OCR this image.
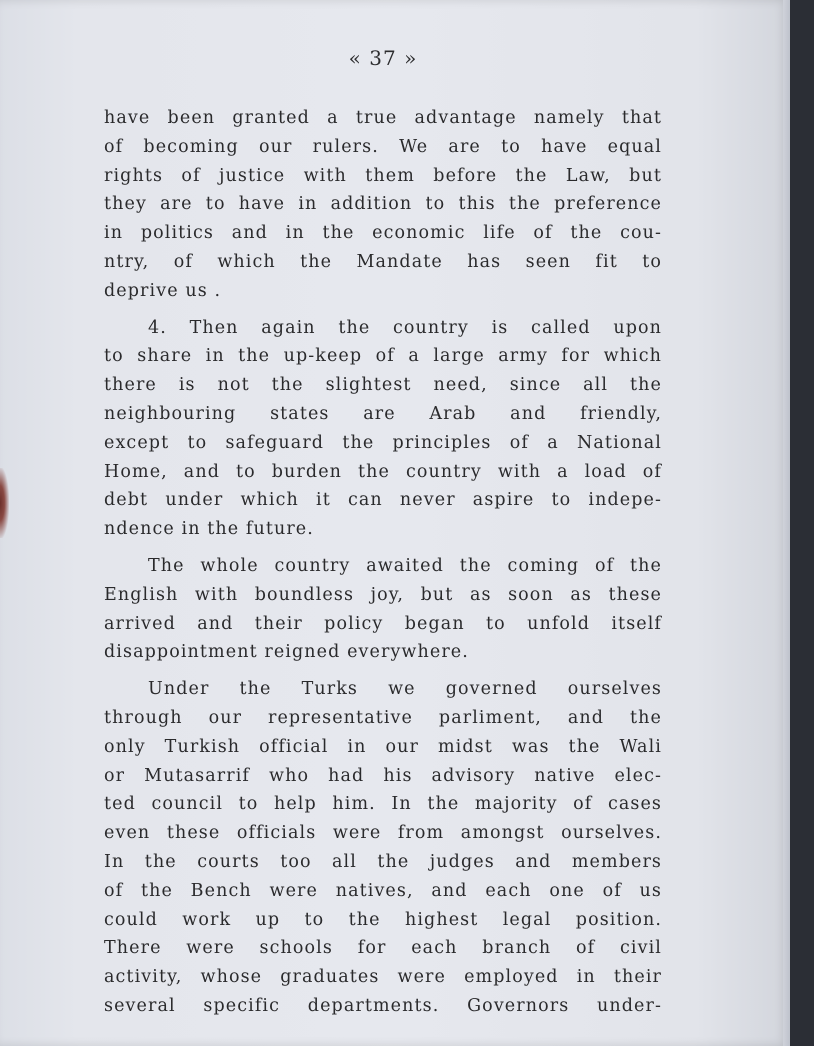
« 37 »
have been granted a true advantage namely that
of becoming our rulers. We are to have equal
rights of justice with them before the Law, but
they are to have in addition to this the preference
in politics and in the economic life of the cou-
ntry, of which the Mandate has seen fit to
deprive us .
4. Then again the country is called upon
to share in the up-keep of a large army for which
there is not the slightest need, since all the
neighbouring states are Arab and friendly,
except to safeguard the principles of a National
Home, and to burden the country with a load of
debt under which it can never aspire to indepe-
ndence in the future.
The whole country awaited the coming of the
English with boundless joy, but as soon as these
arrived and their policy began to unfold itself
disappointment reigned everywhere.
Under the Turks we governed ourselves
through our representative parliment, and the
only Turkish official in our midst was the Wali
or Mutasarrif who had his advisory native elec-
ted council to help him. In the majority of cases
even these officials were from amongst ourselves.
In the courts too all the judges and members
of the Bench were natives, and each one of us
could work up to the highest legal position.
There were schools for each branch of civil
activity, whose graduates were employed in their
several specific departments. Governors under-
